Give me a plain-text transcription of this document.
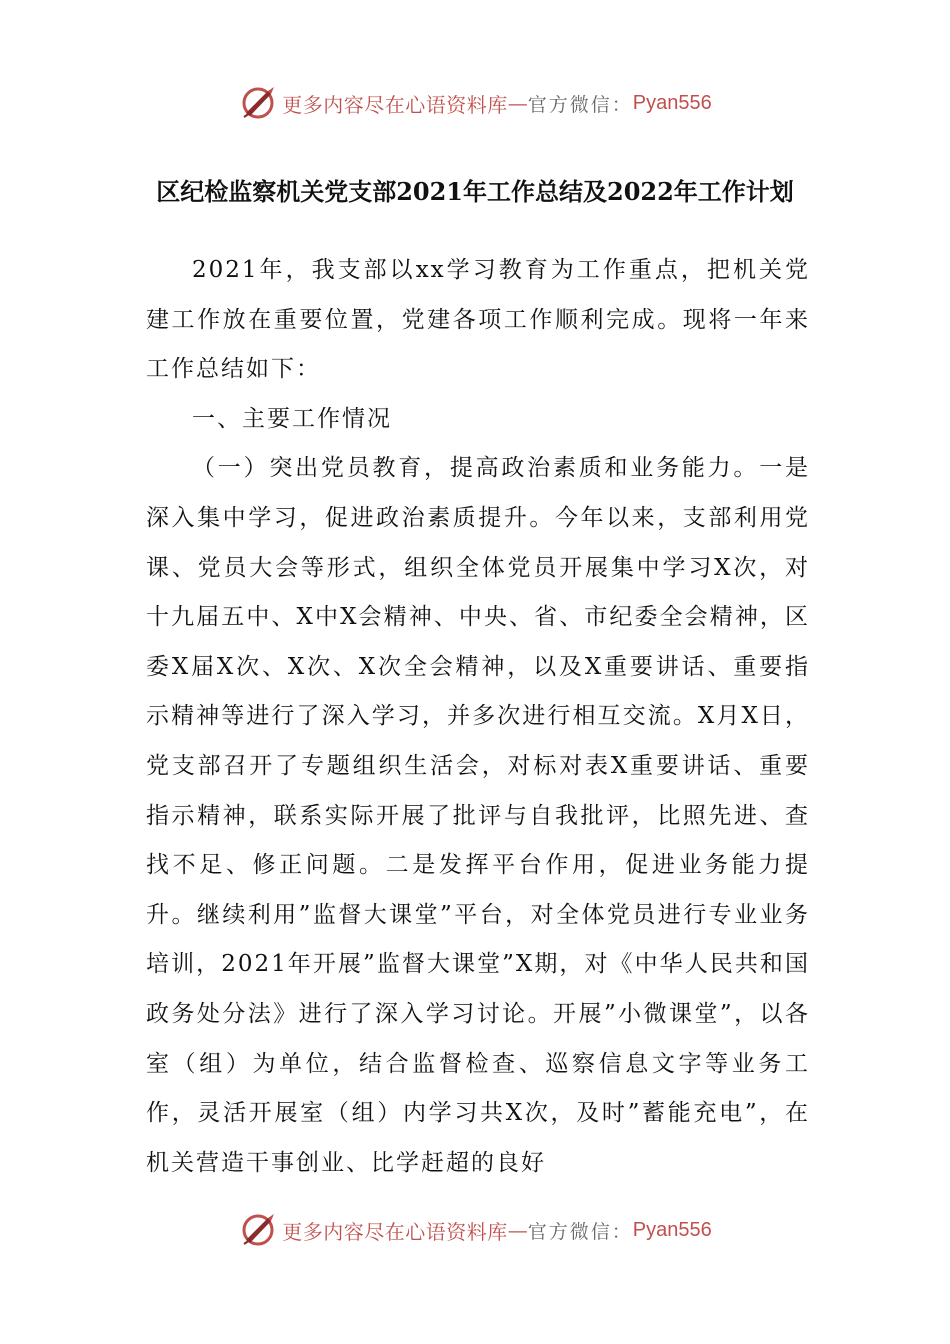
更多内容尽在心语资料库 — 官方微信： Pyan556
区纪检监察机关党支部2021年工作总结及2022年工作计划

2021年，我支部以xx学习教育为工作重点，把机关党建工作放在重要位置，党建各项工作顺利完成。现将一年来工作总结如下：

一、主要工作情况

（一）突出党员教育，提高政治素质和业务能力。一是深入集中学习，促进政治素质提升。今年以来，支部利用党课、党员大会等形式，组织全体党员开展集中学习X次，对十九届五中、X中X会精神、中央、省、市纪委全会精神，区委X届X次、X次、X次全会精神，以及X重要讲话、重要指示精神等进行了深入学习，并多次进行相互交流。X月X日，党支部召开了专题组织生活会，对标对表X重要讲话、重要指示精神，联系实际开展了批评与自我批评，比照先进、查找不足、修正问题。二是发挥平台作用，促进业务能力提升。继续利用”监督大课堂”平台，对全体党员进行专业业务培训，2021年开展”监督大课堂”X期，对《中华人民共和国政务处分法》进行了深入学习讨论。开展”小微课堂”，以各室（组）为单位，结合监督检查、巡察信息文字等业务工作，灵活开展室（组）内学习共X次，及时”蓄能充电”，在机关营造干事创业、比学赶超的良好

更多内容尽在心语资料库 — 官方微信： Pyan556
